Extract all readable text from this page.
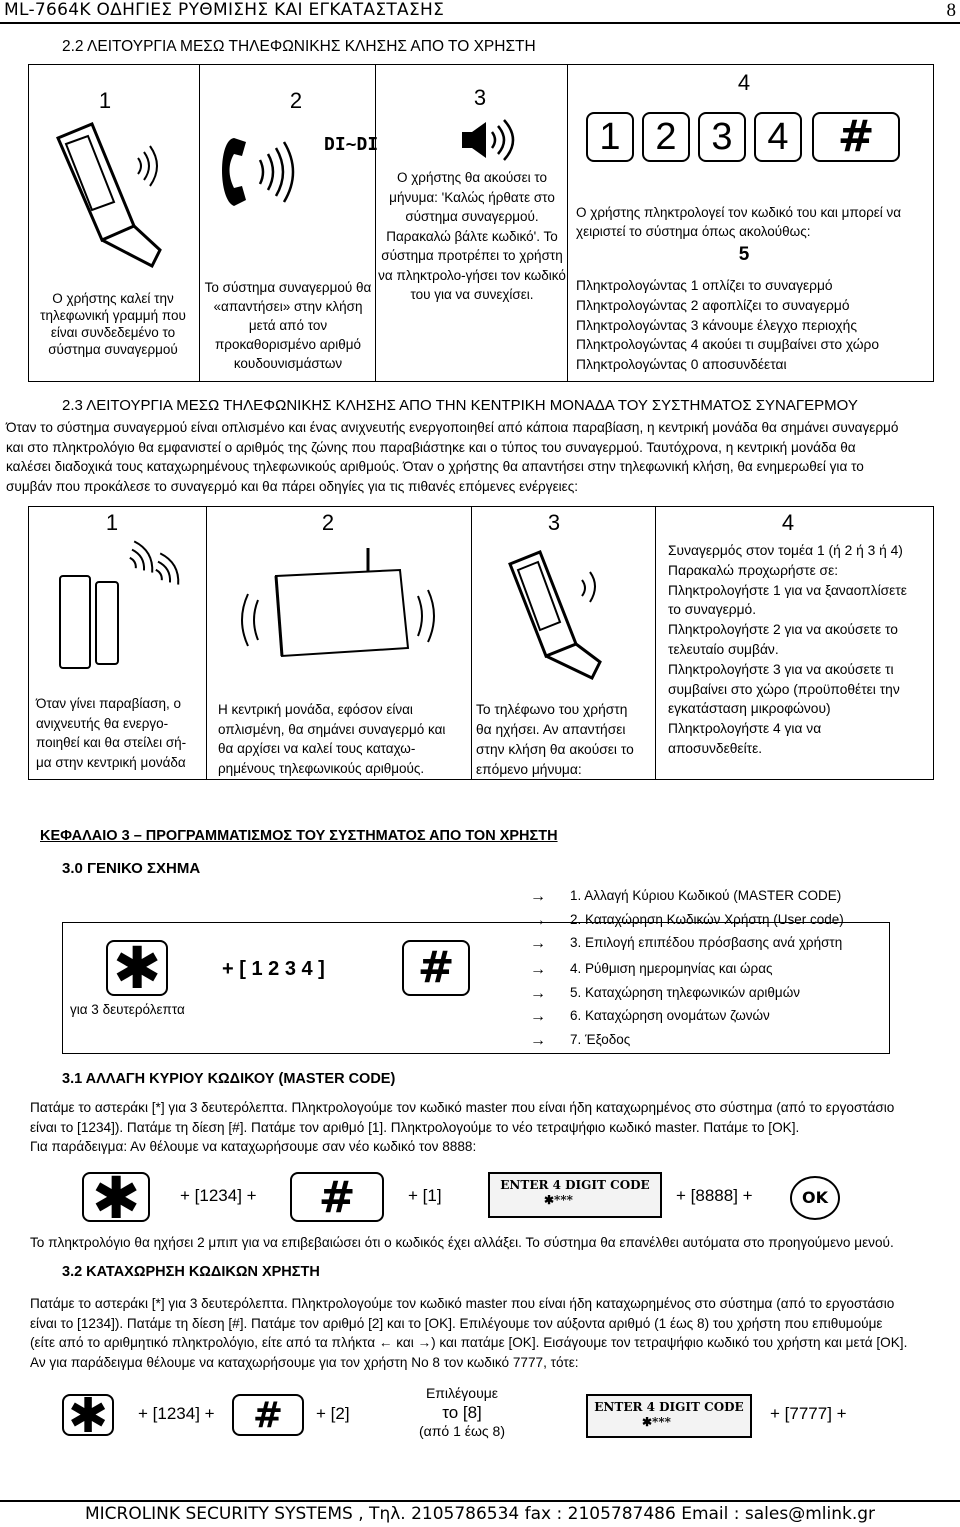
ML-7664K ΟΔΗΓΙΕΣ ΡΥΘΜΙΣΗΣ ΚΑΙ ΕΓΚΑΤΑΣΤΑΣΗΣ	8
2.2 ΛΕΙΤΟΥΡΓΙΑ ΜΕΣΩ ΤΗΛΕΦΩΝΙΚΗΣ ΚΛΗΣΗΣ ΑΠΟ ΤΟ ΧΡΗΣΤΗ
1
Ο χρήστης καλεί την τηλεφωνική γραμμή που είναι συνδεδεμένο το σύστημα συναγερμού
2
DI~DI
Το σύστημα συναγερμού θα «απαντήσει» στην κλήση μετά από τον προκαθορισμένο αριθμό κουδουνισμάστων
3
Ο χρήστης θα ακούσει το μήνυμα: 'Καλώς ήρθατε στο σύστημα συναγερμού. Παρακαλώ βάλτε κωδικό'. Το σύστημα προτρέπει το χρήστη να πληκτρολο-γήσει τον κωδικό του για να συνεχίσει.
4
1 2 3 4	#
Ο χρήστης πληκτρολογεί τον κωδικό του και μπορεί να χειριστεί το σύστημα όπως ακολούθως:
5
Πληκτρολογώντας 1 οπλίζει το συναγερμό
Πληκτρολογώντας 2 αφοπλίζει το συναγερμό
Πληκτρολογώντας 3 κάνουμε έλεγχο περιοχής
Πληκτρολογώντας 4 ακούει τι συμβαίνει στο χώρο
Πληκτρολογώντας 0 αποσυνδέεται
2.3 ΛΕΙΤΟΥΡΓΙΑ ΜΕΣΩ ΤΗΛΕΦΩΝΙΚΗΣ ΚΛΗΣΗΣ ΑΠΟ ΤΗΝ ΚΕΝΤΡΙΚΗ ΜΟΝΑΔΑ ΤΟΥ ΣΥΣΤΗΜΑΤΟΣ ΣΥΝΑΓΕΡΜΟΥ
Όταν το σύστημα συναγερμού είναι οπλισμένο και ένας ανιχνευτής ενεργοποιηθεί από κάποια παραβίαση, η κεντρική μονάδα θα σημάνει συναγερμό
και στο πληκτρολόγιο θα εμφανιστεί ο αριθμός της ζώνης που παραβιάστηκε και ο τύπος του συναγερμού. Ταυτόχρονα, η κεντρική μονάδα θα
καλέσει διαδοχικά τους καταχωρημένους τηλεφωνικούς αριθμούς. Όταν ο χρήστης θα απαντήσει στην τηλεφωνική κλήση, θα ενημερωθεί για το
συμβάν που προκάλεσε το συναγερμό και θα πάρει οδηγίες για τις πιθανές επόμενες ενέργειες:
1
Όταν γίνει παραβίαση, ο
ανιχνευτής θα ενεργο-
ποιηθεί και θα στείλει σή-
μα στην κεντρική μονάδα
2
Η κεντρική μονάδα, εφόσον είναι
οπλισμένη, θα σημάνει συναγερμό και
θα αρχίσει να καλεί τους καταχω-
ρημένους τηλεφωνικούς αριθμούς.
3
Το τηλέφωνο του χρήστη
θα ηχήσει. Αν απαντήσει
στην κλήση θα ακούσει το
επόμενο μήνυμα:
4
Συναγερμός στον τομέα 1 (ή 2 ή 3 ή 4)
Παρακαλώ προχωρήστε σε:
Πληκτρολογήστε 1 για να ξαναοπλίσετε
το συναγερμό.
Πληκτρολογήστε 2 για να ακούσετε το
τελευταίο συμβάν.
Πληκτρολογήστε 3 για να ακούσετε τι
συμβαίνει στο χώρο (προϋποθέτει την
εγκατάσταση μικροφώνου)
Πληκτρολογήστε 4 για να
αποσυνδεθείτε.
ΚΕΦΑΛΑΙΟ 3 – ΠΡΟΓΡΑΜΜΑΤΙΣΜΟΣ ΤΟΥ ΣΥΣΤΗΜΑΤΟΣ ΑΠΟ ΤΟΝ ΧΡΗΣΤΗ
3.0 ΓΕΝΙΚΟ ΣΧΗΜΑ
✱
για 3 δευτερόλεπτα
+ [ 1 2 3 4 ]	#
→ 1. Αλλαγή Κύριου Κωδικού (MASTER CODE)
→ 2. Καταχώρηση Κωδικών Χρήστη (User code)
→ 3. Επιλογή επιπέδου πρόσβασης ανά χρήστη
→ 4. Ρύθμιση ημερομηνίας και ώρας
→ 5. Καταχώρηση τηλεφωνικών αριθμών
→ 6. Καταχώρηση ονομάτων ζωνών
→ 7. Έξοδος
3.1 ΑΛΛΑΓΗ ΚΥΡΙΟΥ ΚΩΔΙΚΟΥ (MASTER CODE)
Πατάμε το αστεράκι [*] για 3 δευτερόλεπτα. Πληκτρολογούμε τον κωδικό master που είναι ήδη καταχωρημένος στο σύστημα (από το εργοστάσιο
είναι το [1234]). Πατάμε τη δίεση [#]. Πατάμε τον αριθμό [1]. Πληκτρολογούμε το νέο τετραψήφιο κωδικό master. Πατάμε το [OK].
Για παράδειγμα: Αν θέλουμε να καταχωρήσουμε σαν νέο κωδικό τον 8888:
✱	+ [1234] +	#	+ [1]
ENTER 4 DIGIT CODE
✱***	+ [8888] +	OK
Το πληκτρολόγιο θα ηχήσει 2 μπιπ για να επιβεβαιώσει ότι ο κωδικός έχει αλλάξει. Το σύστημα θα επανέλθει αυτόματα στο προηγούμενο μενού.
3.2 ΚΑΤΑΧΩΡΗΣΗ ΚΩΔΙΚΩΝ ΧΡΗΣΤΗ
Πατάμε το αστεράκι [*] για 3 δευτερόλεπτα. Πληκτρολογούμε τον κωδικό master που είναι ήδη καταχωρημένος στο σύστημα (από το εργοστάσιο
είναι το [1234]). Πατάμε τη δίεση [#]. Πατάμε τον αριθμό [2] και το [OK]. Επιλέγουμε τον αύξοντα αριθμό (1 έως 8) του χρήστη που επιθυμούμε
(είτε από το αριθμητικό πληκτρολόγιο, είτε από τα πλήκτα ← και →) και πατάμε [OK]. Εισάγουμε τον τετραψήφιο κωδικό του χρήστη και μετά [OK].
Αν για παράδειγμα θέλουμε να καταχωρήσουμε για τον χρήστη Νο 8 τον κωδικό 7777, τότε:
✱	+ [1234] +	#	+ [2]
Επιλέγουμε
το [8]
(από 1 έως 8)
ENTER 4 DIGIT CODE
✱***	+ [7777] +
MICROLINK SECURITY SYSTEMS , Τηλ. 2105786534 fax : 2105787486 Email : sales@mlink.gr
